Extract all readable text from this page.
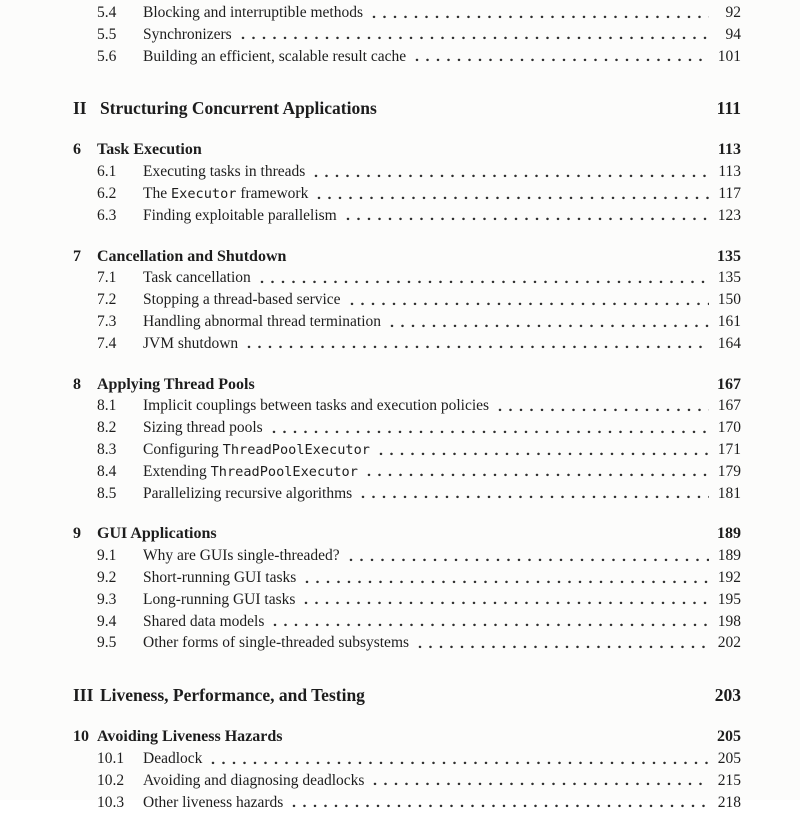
5.4	Blocking and interruptible methods	92
5.5	Synchronizers	94
5.6	Building an efficient, scalable result cache	101
II Structuring Concurrent Applications	111
6	Task Execution	113
6.1	Executing tasks in threads	113
6.2	The Executor framework	117
6.3	Finding exploitable parallelism	123
7	Cancellation and Shutdown	135
7.1	Task cancellation	135
7.2	Stopping a thread-based service	150
7.3	Handling abnormal thread termination	161
7.4	JVM shutdown	164
8	Applying Thread Pools	167
8.1	Implicit couplings between tasks and execution policies	167
8.2	Sizing thread pools	170
8.3	Configuring ThreadPoolExecutor	171
8.4	Extending ThreadPoolExecutor	179
8.5	Parallelizing recursive algorithms	181
9	GUI Applications	189
9.1	Why are GUIs single-threaded?	189
9.2	Short-running GUI tasks	192
9.3	Long-running GUI tasks	195
9.4	Shared data models	198
9.5	Other forms of single-threaded subsystems	202
III Liveness, Performance, and Testing	203
10 Avoiding Liveness Hazards	205
10.1	Deadlock	205
10.2	Avoiding and diagnosing deadlocks	215
10.3	Other liveness hazards	218
